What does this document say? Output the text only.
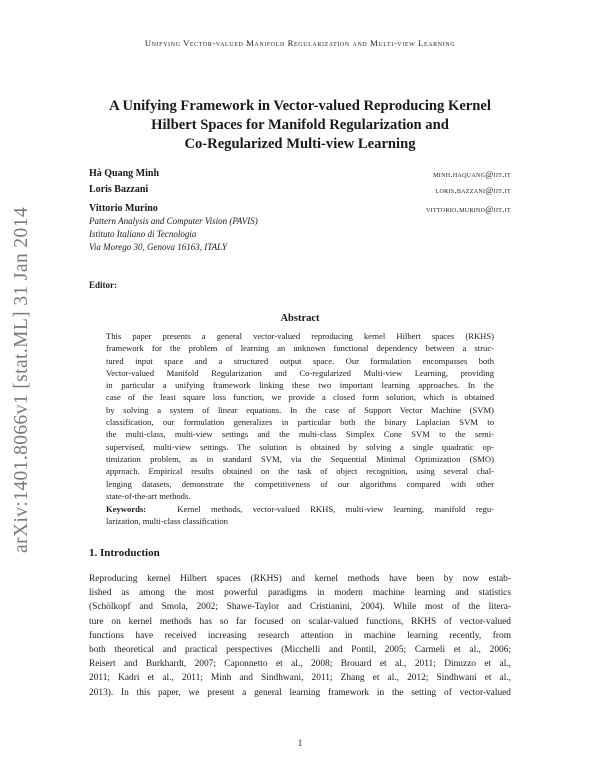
Unifying Vector-valued Manifold Regularization and Multi-view Learning
arXiv:1401.8066v1 [stat.ML] 31 Jan 2014
A Unifying Framework in Vector-valued Reproducing Kernel
Hilbert Spaces for Manifold Regularization and
Co-Regularized Multi-view Learning
Hà Quang Minh	minh.haquang@iit.it
Loris Bazzani	loris.bazzani@iit.it
Vittorio Murino	vittorio.murino@iit.it
Pattern Analysis and Computer Vision (PAVIS)
Istituto Italiano di Tecnologia
Via Morego 30, Genova 16163, ITALY
Editor:
Abstract
This paper presents a general vector-valued reproducing kernel Hilbert spaces (RKHS)
framework for the problem of learning an unknown functional dependency between a struc-
tured input space and a structured output space. Our formulation encompasses both
Vector-valued Manifold Regularization and Co-regularized Multi-view Learning, providing
in particular a unifying framework linking these two important learning approaches. In the
case of the least square loss function, we provide a closed form solution, which is obtained
by solving a system of linear equations. In the case of Support Vector Machine (SVM)
classification, our formulation generalizes in particular both the binary Laplacian SVM to
the multi-class, multi-view settings and the multi-class Simplex Cone SVM to the semi-
supervised, multi-view settings. The solution is obtained by solving a single quadratic op-
timization problem, as in standard SVM, via the Sequential Minimal Optimization (SMO)
approach. Empirical results obtained on the task of object recognition, using several chal-
lenging datasets, demonstrate the competitiveness of our algorithms compared with other
state-of-the-art methods.
Keywords:	Kernel methods, vector-valued RKHS, multi-view learning, manifold regu-
larization, multi-class classification
1. Introduction
Reproducing kernel Hilbert spaces (RKHS) and kernel methods have been by now estab-
lished as among the most powerful paradigms in modern machine learning and statistics
(Schölkopf and Smola, 2002; Shawe-Taylor and Cristianini, 2004). While most of the litera-
ture on kernel methods has so far focused on scalar-valued functions, RKHS of vector-valued
functions have received increasing research attention in machine learning recently, from
both theoretical and practical perspectives (Micchelli and Pontil, 2005; Carmeli et al., 2006;
Reisert and Burkhardt, 2007; Caponnetto et al., 2008; Brouard et al., 2011; Dinuzzo et al.,
2011; Kadri et al., 2011; Minh and Sindhwani, 2011; Zhang et al., 2012; Sindhwani et al.,
2013). In this paper, we present a general learning framework in the setting of vector-valued
1
